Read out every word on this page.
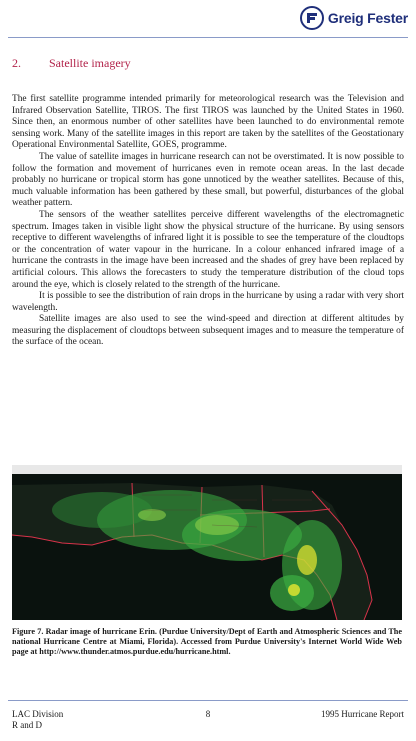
Greig Fester
2. Satellite imagery

The first satellite programme intended primarily for meteorological research was the Television and Infrared Observation Satellite, TIROS. The first TIROS was launched by the United States in 1960. Since then, an enormous number of other satellites have been launched to do environmental remote sensing work. Many of the satellite images in this report are taken by the satellites of the Geostationary Operational Environmental Satellite, GOES, programme.

The value of satellite images in hurricane research can not be overstimated. It is now possible to follow the formation and movement of hurricanes even in remote ocean areas. In the last decade probably no hurricane or tropical storm has gone unnoticed by the weather satellites. Because of this, much valuable information has been gathered by these small, but powerful, disturbances of the global weather pattern.

The sensors of the weather satellites perceive different wavelengths of the electromagnetic spectrum. Images taken in visible light show the physical structure of the hurricane. By using sensors receptive to different wavelengths of infrared light it is possible to see the temperature of the cloudtops or the concentration of water vapour in the hurricane. In a colour enhanced infrared image of a hurricane the contrasts in the image have been increased and the shades of grey have been replaced by artificial colours. This allows the forecasters to study the temperature distribution of the cloud tops around the eye, which is closely related to the strength of the hurricane.

It is possible to see the distribution of rain drops in the hurricane by using a radar with very short wavelength.

Satellite images are also used to see the wind-speed and direction at different altitudes by measuring the displacement of cloudtops between subsequent images and to measure the temperature of the surface of the ocean.

Figure 7. Radar image of hurricane Erin. (Purdue University/Dept of Earth and Atmospheric Sciences and The national Hurricane Centre at Miami, Florida). Accessed from Purdue University's Internet World Wide Web page at http://www.thunder.atmos.purdue.edu/hurricane.html.
LAC Division
R and D
8	1995 Hurricane Report
